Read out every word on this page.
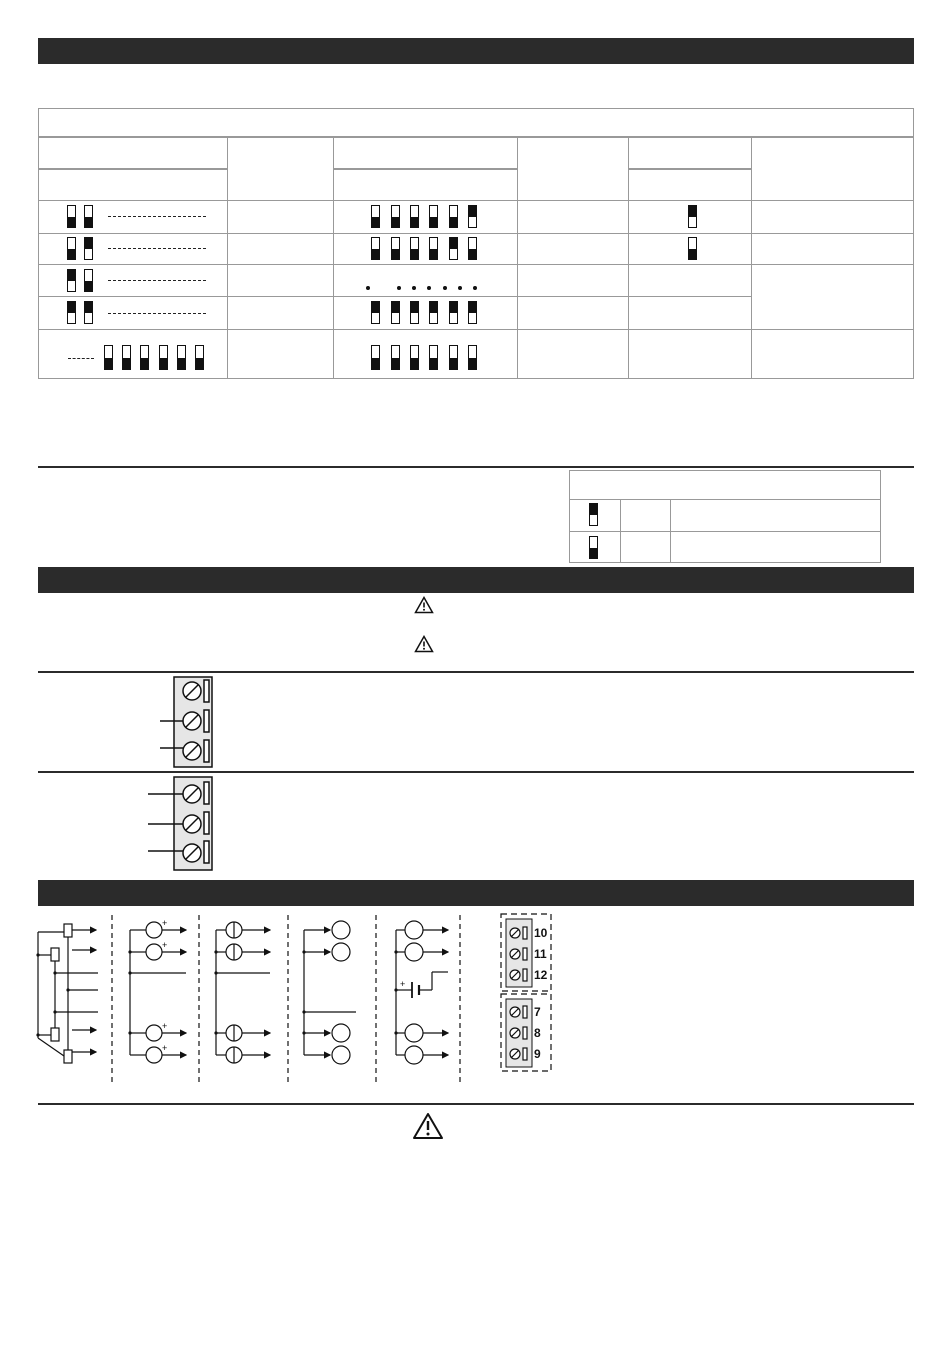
+
+
+
+
+
10
11
12
7
8
9
